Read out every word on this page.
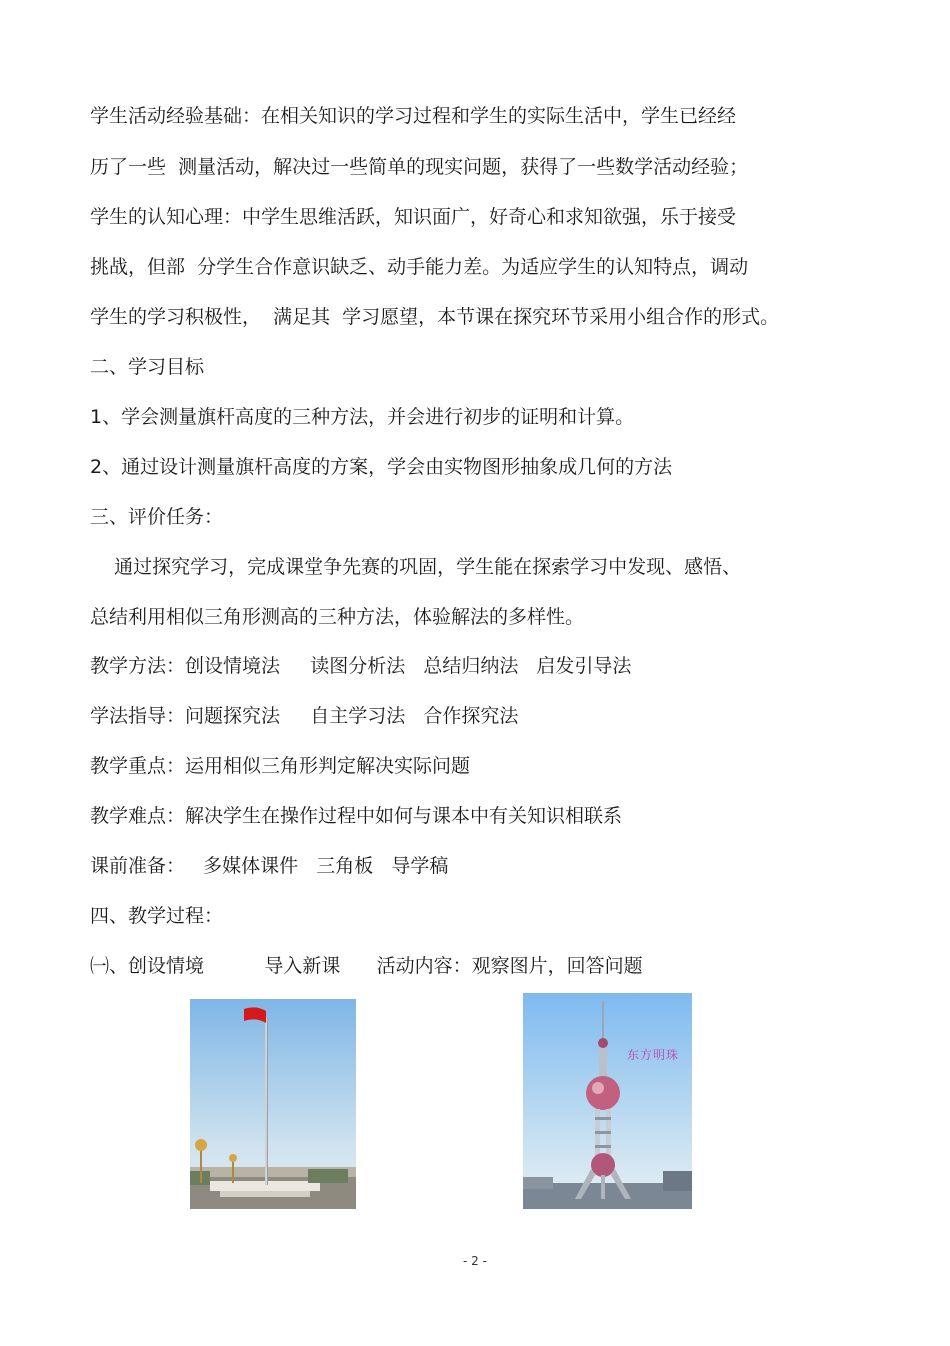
学生活动经验基础：在相关知识的学习过程和学生的实际生活中，学生已经经
历了一些  测量活动，解决过一些简单的现实问题，获得了一些数学活动经验；
学生的认知心理：中学生思维活跃，知识面广，好奇心和求知欲强，乐于接受
挑战，但部  分学生合作意识缺乏、动手能力差。为适应学生的认知特点，调动
学生的学习积极性，  满足其  学习愿望，本节课在探究环节采用小组合作的形式。
二、学习目标
1、学会测量旗杆高度的三种方法，并会进行初步的证明和计算。
2、通过设计测量旗杆高度的方案，学会由实物图形抽象成几何的方法
三、评价任务：
通过探究学习，完成课堂争先赛的巩固，学生能在探索学习中发现、感悟、
总结利用相似三角形测高的三种方法，体验解法的多样性。
教学方法：创设情境法     读图分析法   总结归纳法   启发引导法
学法指导：问题探究法     自主学习法   合作探究法
教学重点：运用相似三角形判定解决实际问题
教学难点：解决学生在操作过程中如何与课本中有关知识相联系
课前准备：   多媒体课件   三角板   导学稿
四、教学过程：
㈠、创设情境          导入新课      活动内容：观察图片，回答问题
东方明珠
- 2 -
